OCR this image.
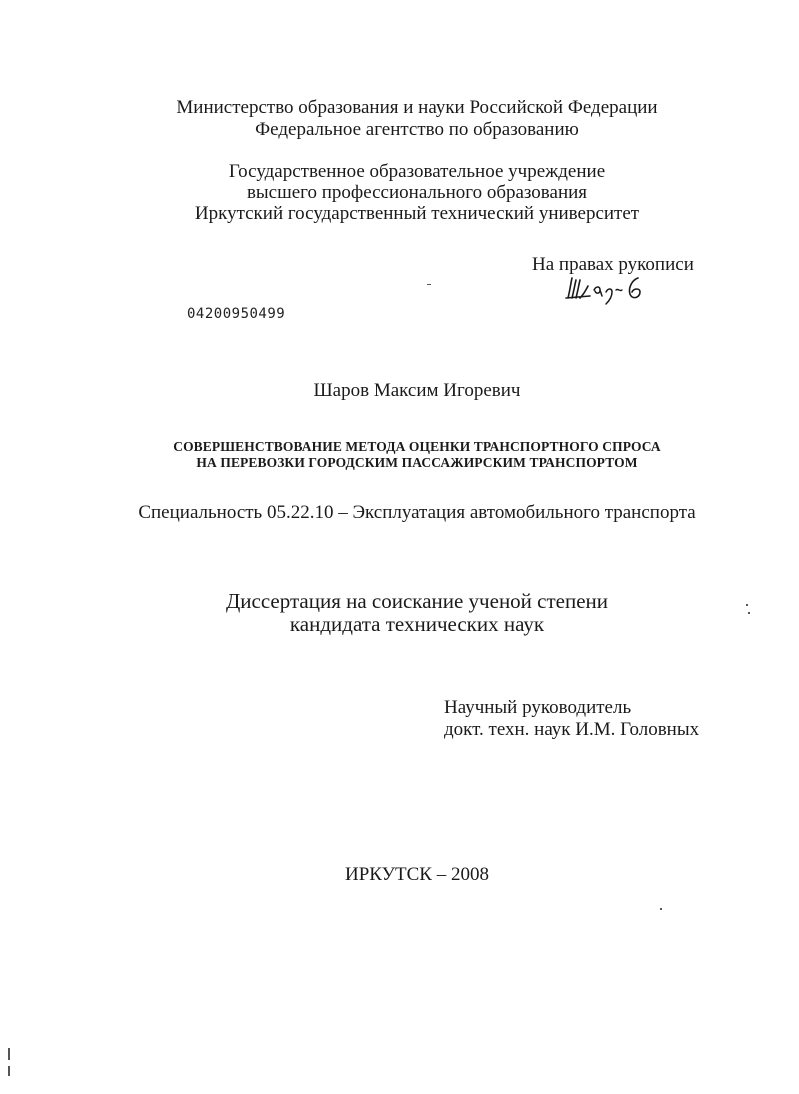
Министерство образования и науки Российской Федерации
Федеральное агентство по образованию
Государственное образовательное учреждение
высшего профессионального образования
Иркутский государственный технический университет
На правах рукописи
04200950499
Шаров Максим Игоревич
СОВЕРШЕНСТВОВАНИЕ МЕТОДА ОЦЕНКИ ТРАНСПОРТНОГО СПРОСА
НА ПЕРЕВОЗКИ ГОРОДСКИМ ПАССАЖИРСКИМ ТРАНСПОРТОМ
Специальность 05.22.10 – Эксплуатация автомобильного транспорта
Диссертация на соискание ученой степени
кандидата технических наук
Научный руководитель
докт. техн. наук И.М. Головных
ИРКУТСК – 2008
